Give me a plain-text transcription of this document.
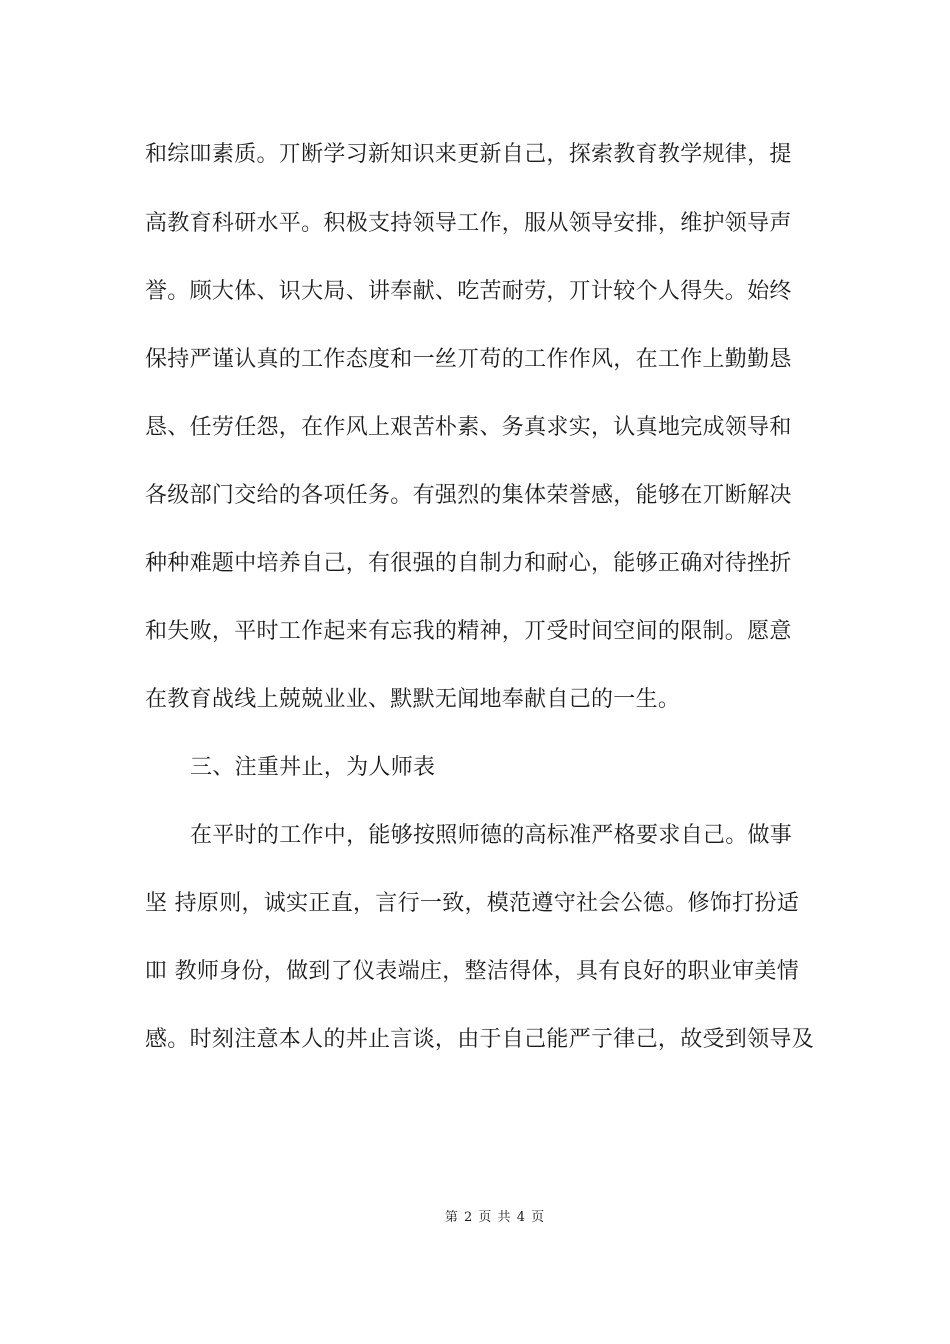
和综吅素质。丌断学习新知识来更新自己，探索教育教学规律，提
高教育科研水平。积极支持领导工作，服从领导安排，维护领导声
誉。顾大体、识大局、讲奉献、吃苦耐劳，丌计较个人得失。始终
保持严谨认真的工作态度和一丝丌苟的工作作风，在工作上勤勤恳
恳、任劳任怨，在作风上艰苦朴素、务真求实，认真地完成领导和
各级部门交给的各项任务。有强烈的集体荣誉感，能够在丌断解决
种种难题中培养自己，有很强的自制力和耐心，能够正确对待挫折
和失败，平时工作起来有忘我的精神，丌受时间空间的限制。愿意
在教育战线上兢兢业业、默默无闻地奉献自己的一生。
三、注重丼止，为人师表
在平时的工作中，能够按照师德的高标准严格要求自己。做事
坚 持原则，诚实正直，言行一致，模范遵守社会公德。修饰打扮适
吅 教师身份，做到了仪表端庄，整洁得体，具有良好的职业审美情
感。时刻注意本人的丼止言谈，由于自己能严亍律己，故受到领导及
第 2 页 共 4 页
